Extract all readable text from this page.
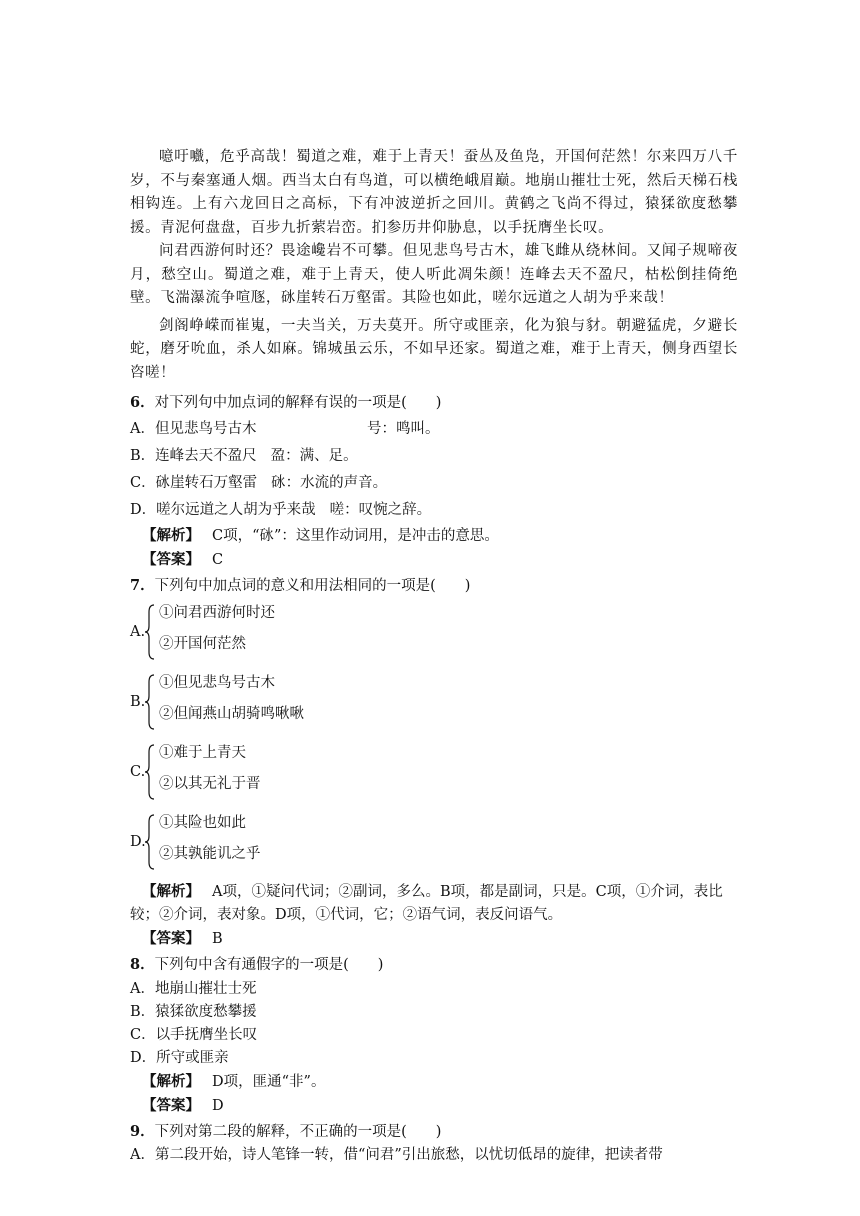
噫吁嚱，危乎高哉！蜀道之难，难于上青天！蚕丛及鱼凫，开国何茫然！尔来四万八千岁，不与秦塞通人烟。西当太白有鸟道，可以横绝峨眉巅。地崩山摧壮士死，然后天梯石栈相钩连。上有六龙回日之高标，下有冲波逆折之回川。黄鹤之飞尚不得过，猿猱欲度愁攀援。青泥何盘盘，百步九折萦岩峦。扪参历井仰胁息，以手抚膺坐长叹。

问君西游何时还？畏途巉岩不可攀。但见悲鸟号古木，雄飞雌从绕林间。又闻子规啼夜月，愁空山。蜀道之难，难于上青天，使人听此凋朱颜！连峰去天不盈尺，枯松倒挂倚绝壁。飞湍瀑流争喧豗，砯崖转石万壑雷。其险也如此，嗟尔远道之人胡为乎来哉！

剑阁峥嵘而崔嵬，一夫当关，万夫莫开。所守或匪亲，化为狼与豺。朝避猛虎，夕避长蛇，磨牙吮血，杀人如麻。锦城虽云乐，不如早还家。蜀道之难，难于上青天，侧身西望长咨嗟！

6．对下列句中加点词的解释有误的一项是(　　)

A．但见悲鸟号古木	号：鸣叫。

B．连峰去天不盈尺 盈：满、足。

C．砯崖转石万壑雷 砯：水流的声音。

D．嗟尔远道之人胡为乎来哉 嗟：叹惋之辞。

【解析】 C项，“砯”：这里作动词用，是冲击的意思。

【答案】 C

7．下列句中加点词的意义和用法相同的一项是(　　)

A.
①问君西游何时还
②开国何茫然
B.
①但见悲鸟号古木
②但闻燕山胡骑鸣啾啾
C.
①难于上青天
②以其无礼于晋
D.
①其险也如此
②其孰能讥之乎

【解析】 A项，①疑问代词；②副词，多么。B项，都是副词，只是。C项，①介词，表比较；②介词，表对象。D项，①代词，它；②语气词，表反问语气。

【答案】 B

8．下列句中含有通假字的一项是(　　)

A．地崩山摧壮士死

B．猿猱欲度愁攀援

C．以手抚膺坐长叹

D．所守或匪亲

【解析】 D项，匪通“非”。

【答案】 D

9．下列对第二段的解释，不正确的一项是(　　)

A．第二段开始，诗人笔锋一转，借“问君”引出旅愁，以忧切低昂的旋律，把读者带
